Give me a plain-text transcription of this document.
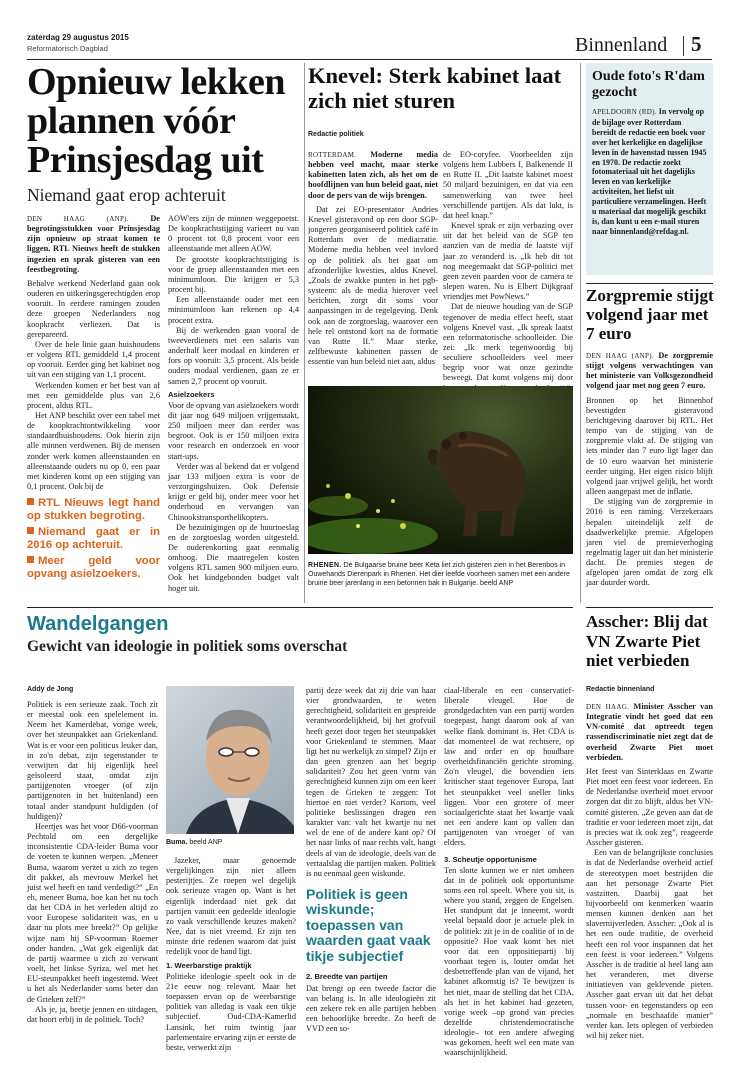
zaterdag 29 augustus 2015
Reformatorisch Dagblad	Binnenland 5
Opnieuw lekken plannen vóór Prinsjesdag uit
Niemand gaat erop achteruit

DEN HAAG (ANP).	De begrotingsstukken voor Prinsjesdag zijn opnieuw op straat komen te liggen. RTL Nieuws heeft de stukken ingezien en sprak gisteren van een feestbegroting.

Behalve werkend Nederland gaan ook ouderen en uitkeringsgerechtigden erop vooruit. In eerdere ramingen zouden deze groepen Nederlanders nog koopkracht verliezen. Dat is gerepareerd.

Over de hele linie gaan huishoudens er volgens RTL gemiddeld 1,4 procent op vooruit. Eerder ging het kabinet nog uit van een stijging van 1,1 procent.

Werkenden komen er het best van af met een gemiddelde plus van 2,6 procent, aldus RTL.

Het ANP beschikt over een tabel met de koopkrachtontwikkeling voor standaardhuishoudens. Ook hierin zijn alle minnen verdwenen. Bij de mensen zonder werk komen alleenstaanden en alleenstaande ouders nu op 0, een paar met kinderen komt op een stijging van 0,1 procent. Ook bij de

RTL Nieuws legt hand op stukken begroting.
Niemand gaat er in 2016 op achteruit.
Meer geld voor opvang asielzoekers.

AOW'ers zijn de minnen weggepoetst. De koopkrachtstijging varieert nu van 0 procent tot 0,8 procent voor een alleenstaande met alleen AOW.

De grootste koopkrachtstijging is voor de groep alleenstaanden met een minimumloon. Die krijgen er 5,3 procent bij.

Een alleenstaande ouder met een minimumloon kan rekenen op 4,4 procent extra.

Bij de werkenden gaan vooral de tweeverdieners met een salaris van anderhalf keer modaal en kinderen er fors op vooruit: 3,5 procent. Als beide ouders modaal verdienen, gaan ze er samen 2,7 procent op vooruit.

Asielzoekers

Voor de opvang van asielzoekers wordt dit jaar nog 649 miljoen vrijgemaakt, 250 miljoen meer dan eerder was begroot. Ook is er 150 miljoen extra voor research en onderzoek en voor start-ups.

Verder was al bekend dat er volgend jaar 133 miljoen extra is voor de verzorgingshuizen. Ook Defensie krijgt er geld bij, onder meer voor het onderhoud en vervangen van Chinookstransporthelikopters.

De bezuinigingen op de huurtoeslag en de zorgtoeslag worden uitgesteld. De ouderenkorting gaat eenmalig omhoog. Die maatregelen kosten volgens RTL samen 900 miljoen euro. Ook het kindgebonden budget valt hoger uit.

Knevel: Sterk kabinet laat zich niet sturen
Redactie politiek

ROTTERDAM. Moderne media hebben veel macht, maar sterke kabinetten laten zich, als het om de hoofdlijnen van hun beleid gaat, niet door de pers van de wijs brengen.

Dat zei EO-presentator Andries Knevel gisteravond op een door SGP-jongeren georganiseerd politiek café in Rotterdam over de mediacratie. Moderne media hebben veel invloed op de politiek als het gaat om afzonderlijke kwesties, aldus Knevel. „Zoals de zwakke punten in het pgb-systeem: als de media hierover veel berichten, zorgt dit soms voor aanpassingen in de regelgeving. Denk ook aan de zorgtoeslag, waarover een hele rel ontstond kort na de formatie van Rutte II.” Maar sterke, zelfbewuste kabinetten passen de essentie van hun beleid niet aan, aldus

de EO-coryfee. Voorbeelden zijn volgens hem Lubbers I, Balkenende II en Rutte II. „Dit laatste kabinet moest 50 miljard bezuinigen, en dat via een samenwerking van twee heel verschillende partijen. Als dat lukt, is dat heel knap.”

Knevel sprak er zijn verbazing over uit dat het beleid van de SGP ten aanzien van de media de laatste vijf jaar zo veranderd is. „Ik heb dit tot nog meegemaakt dat SGP-politici met geen zeven paarden voor de camera te slepen waren. Nu is Elbert Dijkgraaf vriendjes met PowNews.”

Dat de nieuwe houding van de SGP tegenover de media effect heeft, staat volgens Knevel vast. „Ik spreak laatst een reformatorische schoolleider. Die zei: „Ik merk tegenwoordig bij seculiere schoolleiders veel meer begrip voor wat onze gezindte beweegt. Dat komt volgens mij door

RHENEN. De Bulgaarse bruine beer Keta liet zich gisteren zien in het Berenbos in Ouwehands Dierenpark in Rhenen. Het dier leefde voorheen samen met een andere bruine beer jarenlang in een betonnen bak in Bulgarije. beeld ANP
Oude foto's R'dam gezocht
APELDOORN (RD). In vervolg op de bijlage over Rotterdam bereidt de redactie een boek voor over het kerkelijke en dagelijkse leven in de havenstad tussen 1945 en 1970. De redactie zoekt fotomateriaal uit het dagelijks leven en van kerkelijke activiteiten, het liefst uit particuliere verzamelingen. Heeft u materiaal dat mogelijk geschikt is, dan kunt u een e-mail sturen naar binnenland@refdag.nl.
Zorgpremie stijgt volgend jaar met 7 euro

DEN HAAG (ANP). De zorgpremie stijgt volgens verwachtingen van het ministerie van Volksgezondheid volgend jaar met nog geen 7 euro.

Bronnen op het Binnenhof bevestigden gisteravond berichtgeving daarover bij RTL. Het tempo van de stijging van de zorgpremie vlakt af. De stijging van iets minder dan 7 euro ligt lager dan de 10 euro waarvan het ministerie eerder uitging. Het eigen risico blijft volgend jaar vrijwel gelijk, het wordt alleen aangepast met de inflatie.

De stijging van de zorgpremie in 2016 is een raming. Verzekeraars bepalen uiteindelijk zelf de daadwerkelijke premie. Afgelopen jaren viel de premieverhoging regelmatig lager uit dan het ministerie dacht. De premies stegen de afgelopen jaren omdat de zorg elk jaar duurder wordt.

Wandelgangen
Gewicht van ideologie in politiek soms overschat
Addy de Jong

Politiek is een serieuze zaak. Toch zit er meestal ook een spelelement in. Neem het Kamerdebat, vorige week, over het steunpakket aan Griekenland. Wat is er voor een politicus leuker dan, in zo'n debat, zijn tegenstander te verwijten dat hij eigenlijk heel geïsoleerd staat, omdat zijn partijgenoten vroeger (of zijn partijgenoten in het buitenland) een totaal ander standpunt huldigden (of huldigen)?

Heertjes was het voor D66-voorman Pechtold om een dergelijke inconsistentie CDA-leider Buma voor de voeten te kunnen werpen. „Meneer Buma, waarom verzet u zich zo tegen dit pakket, als mevrouw Merkel het juist wel heeft en tand verdedigt?” „En eh, meneer Buma, hoe kan het nu toch dat het CDA in het verleden altijd zo voor Europese solidariteit was, en u daar nu plots mee breekt?” Op gelijke wijze nam hij SP-voorman Roemer onder handen. „Wat gek eigenlijk dat de partij waarmee u zich zo verwant voelt, het linkse Syriza, wel met het EU-steunpakket heeft ingestemd. Weet u het als Nederlander soms beter dan de Grieken zelf?”

Als je, ja, beetje jennen en uitdagen, dat hoort erbij in de politiek. Toch?

Buma. beeld ANP

Jazeker, maar genoemde vergelijkingen zijn niet alleen pesterijtjes. Ze roepen wel degelijk ook serieuze vragen op. Want is het eigenlijk inderdaad niet gek dat partijen vanuit een gedeelde ideologie zo vaak verschillende keuzes maken? Nee, dat is niet vreemd. Er zijn ten minste drie redenen waarom dat juist redelijk voor de hand ligt.

1. Weerbarstige praktijk

Politieke ideologie speelt ook in de 21e eeuw nog relevant. Maar het toepassen ervan op de weerbarstige politiek van alledag is vaak een tikje subjectief. Oud-CDA-Kamerlid Lansink, het ruim twintig jaar parlementaire ervaring zijn er eerste de beste, verwerkt zijn

partij deze week dat zij drie van haar vier grondwaarden, te weten gerechtigheid, solidariteit en gespreide verantwoordelijkheid, bij het grofvuil heeft gezet door tegen het steunpakket voor Griekenland te stemmen. Maar ligt het nu werkelijk zo simpel? Zijn er dan geen grenzen aan het begrip solidariteit? Zou het geen vorm van gerechtigheid kunnen zijn om een keer tegen de Grieken te zeggen: Tot hiertoe en niet verder? Kortom, veel politieke beslissingen dragen een karakter van: valt het kwartje nu net wel de ene of de andere kant op? Of het naar links of naar rechts valt, hangt deels af van de ideologie, deels van de vertaalslag die partijen maken. Politiek is nu eenmaal geen wiskunde.

Politiek is geen wiskunde; toepassen van waarden gaat vaak tikje subjectief
2. Breedte van partijen

Dat brengt op een tweede factor die van belang is. In alle ideologieën zit een zekere rek en alle partijen hebben een behoorlijke breedte. Zo heeft de VVD een so-

ciaal-liberale en een conservatief-liberale vleugel. Hoe de grondgedachten van een partij worden toegepast, hangt daarom ook af van welke flank dominant is. Het CDA is dat momenteel de wat rechtsere, op law and order en op houdbare overheidsfinanciën gerichte stroming. Zo'n vleugel, die bovendien iets kritischer staat tegenover Europa, laat het steunpakket veel sneller links liggen. Voor een grotere of meer sociaalgerichte staat het kwartje vaak net een andere kant op vallen dan partijgenoten van vroeger of van elders.

3. Scheutje opportunisme

Ten slotte kunnen we er niet omheen dat in de politiek ook opportunisme soms een rol speelt. Where you sit, is where you stand, zeggen de Engelsen. Het standpunt dat je inneemt, wordt veelal bepaald door je actuele plek in de politiek: zit je in de coalitie of in de oppositie? Hoe vaak komt het niet voor dat een oppositiepartij bij voorbaat tegen is, louter omdat het desbetreffende plan van de vijand, het kabinet afkomstig is? Te bewijzen is het niet, maar de stelling dat het CDA, als het in het kabinet had gezeten, vorige week –op grond van precies dezelfde christendemocratische ideologie– tot een andere afweging was gekomen, heeft wel een mate van waarschijnlijkheid.

Asscher: Blij dat VN Zwarte Piet niet verbieden
Redactie binnenland

DEN HAAG. Minister Asscher van Integratie vindt het goed dat een VN-comité dat optreedt tegen rassendiscriminatie niet zegt dat de overheid Zwarte Piet moet verbieden.

Het feest van Sinterklaas en Zwarte Piet moet een feest voor iedereen. En de Nederlandse overheid moet ervoor zorgen dat dit zo blijft, aldus het VN-comité gisteren. „Ze geven aan dat de traditie er voor iedereen moet zijn, dat is precies wat ik ook zeg”, reageerde Asscher gisteren.

Een van de belangrijkste conclusies is dat de Nederlandse overheid actief de stereotypen moet bestrijden die aan het personage Zwarte Piet vastzitten. Daarbij gaat het bijvoorbeeld om kenmerken waarin mensen kunnen denken aan het slavernijverleden. Asscher: „Ook al is het een oude traditie, de overheid heeft een rol voor inspannen dat het een feest is voor iedereen.” Volgens Asscher is de traditie al heel lang aan het veranderen, met diverse initiatieven van geklevende pieten. Asscher gaat ervan uit dat het debat tussen voor- en tegenstanders op een „normale en beschaafde manier” verder kan. Iets oplegen of verbieden wil hij zeker niet.
